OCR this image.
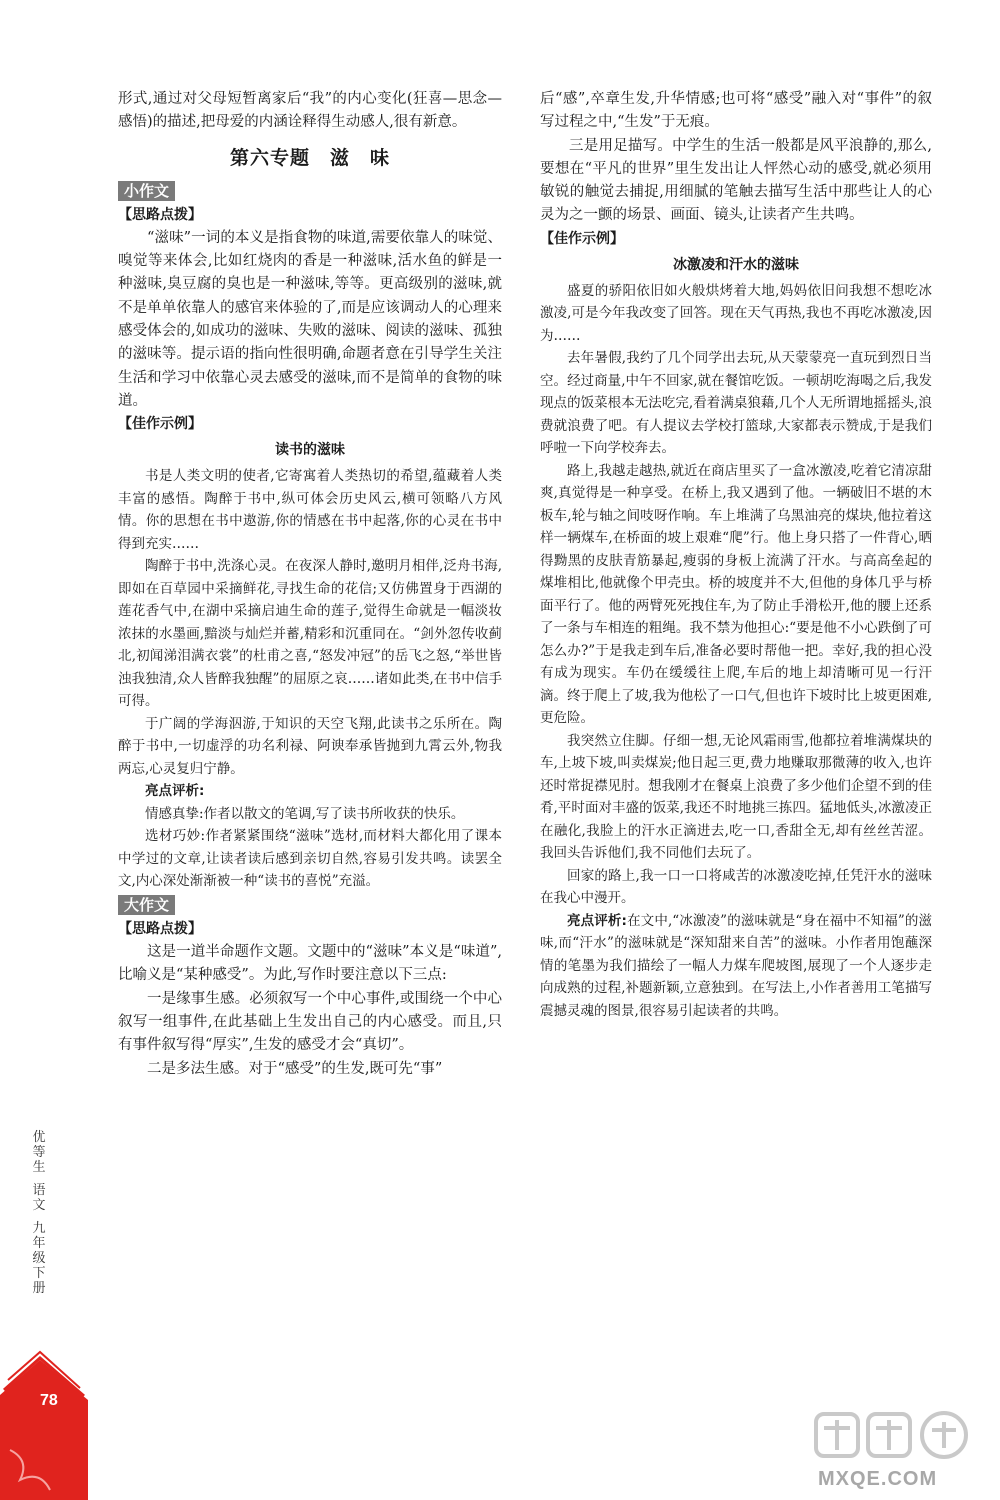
形式,通过对父母短暂离家后“我”的内心变化(狂喜—思念—感悟)的描述,把母爱的内涵诠释得生动感人,很有新意。

第六专题　滋　味
小作文
【思路点拨】

“滋味”一词的本义是指食物的味道,需要依靠人的味觉、嗅觉等来体会,比如红烧肉的香是一种滋味,活水鱼的鲜是一种滋味,臭豆腐的臭也是一种滋味,等等。更高级别的滋味,就不是单单依靠人的感官来体验的了,而是应该调动人的心理来感受体会的,如成功的滋味、失败的滋味、阅读的滋味、孤独的滋味等。提示语的指向性很明确,命题者意在引导学生关注生活和学习中依靠心灵去感受的滋味,而不是简单的食物的味道。

【佳作示例】
读书的滋味

书是人类文明的使者,它寄寓着人类热切的希望,蕴藏着人类丰富的感悟。陶醉于书中,纵可体会历史风云,横可领略八方风情。你的思想在书中遨游,你的情感在书中起落,你的心灵在书中得到充实……

陶醉于书中,洗涤心灵。在夜深人静时,邀明月相伴,泛舟书海,即如在百草园中采摘鲜花,寻找生命的花信;又仿佛置身于西湖的莲花香气中,在湖中采摘启迪生命的莲子,觉得生命就是一幅淡妆浓抹的水墨画,黯淡与灿烂并蓄,精彩和沉重同在。“剑外忽传收蓟北,初闻涕泪满衣裳”的杜甫之喜,“怒发冲冠”的岳飞之怒,“举世皆浊我独清,众人皆醉我独醒”的屈原之哀……诸如此类,在书中信手可得。

于广阔的学海泅游,于知识的天空飞翔,此读书之乐所在。陶醉于书中,一切虚浮的功名利禄、阿谀奉承皆抛到九霄云外,物我两忘,心灵复归宁静。

亮点评析:

情感真挚:作者以散文的笔调,写了读书所收获的快乐。

选材巧妙:作者紧紧围绕“滋味”选材,而材料大都化用了课本中学过的文章,让读者读后感到亲切自然,容易引发共鸣。读罢全文,内心深处渐渐被一种“读书的喜悦”充溢。

大作文
【思路点拨】

这是一道半命题作文题。文题中的“滋味”本义是“味道”,比喻义是“某种感受”。为此,写作时要注意以下三点:

一是缘事生感。必须叙写一个中心事件,或围绕一个中心叙写一组事件,在此基础上生发出自己的内心感受。而且,只有事件叙写得“厚实”,生发的感受才会“真切”。

二是多法生感。对于“感受”的生发,既可先“事”

后“感”,卒章生发,升华情感;也可将“感受”融入对“事件”的叙写过程之中,“生发”于无痕。

三是用足描写。中学生的生活一般都是风平浪静的,那么,要想在“平凡的世界”里生发出让人怦然心动的感受,就必须用敏锐的触觉去捕捉,用细腻的笔触去描写生活中那些让人的心灵为之一颤的场景、画面、镜头,让读者产生共鸣。

【佳作示例】
冰激凌和汗水的滋味

盛夏的骄阳依旧如火般烘烤着大地,妈妈依旧问我想不想吃冰激凌,可是今年我改变了回答。现在天气再热,我也不再吃冰激凌,因为……

去年暑假,我约了几个同学出去玩,从天蒙蒙亮一直玩到烈日当空。经过商量,中午不回家,就在餐馆吃饭。一顿胡吃海喝之后,我发现点的饭菜根本无法吃完,看着满桌狼藉,几个人无所谓地摇摇头,浪费就浪费了吧。有人提议去学校打篮球,大家都表示赞成,于是我们呼啦一下向学校奔去。

路上,我越走越热,就近在商店里买了一盒冰激凌,吃着它清凉甜爽,真觉得是一种享受。在桥上,我又遇到了他。一辆破旧不堪的木板车,轮与轴之间吱呀作响。车上堆满了乌黑油亮的煤块,他拉着这样一辆煤车,在桥面的坡上艰难“爬”行。他上身只搭了一件背心,晒得黝黑的皮肤青筋暴起,瘦弱的身板上流满了汗水。与高高垒起的煤堆相比,他就像个甲壳虫。桥的坡度并不大,但他的身体几乎与桥面平行了。他的两臂死死拽住车,为了防止手滑松开,他的腰上还系了一条与车相连的粗绳。我不禁为他担心:“要是他不小心跌倒了可怎么办?”于是我走到车后,准备必要时帮他一把。幸好,我的担心没有成为现实。车仍在缓缓往上爬,车后的地上却清晰可见一行汗滴。终于爬上了坡,我为他松了一口气,但也许下坡时比上坡更困难,更危险。

我突然立住脚。仔细一想,无论风霜雨雪,他都拉着堆满煤块的车,上坡下坡,叫卖煤炭;他日起三更,费力地赚取那微薄的收入,也许还时常捉襟见肘。想我刚才在餐桌上浪费了多少他们企望不到的佳肴,平时面对丰盛的饭菜,我还不时地挑三拣四。猛地低头,冰激凌正在融化,我脸上的汗水正滴进去,吃一口,香甜全无,却有丝丝苦涩。我回头告诉他们,我不同他们去玩了。

回家的路上,我一口一口将咸苦的冰激凌吃掉,任凭汗水的滋味在我心中漫开。

亮点评析:在文中,“冰激凌”的滋味就是“身在福中不知福”的滋味,而“汗水”的滋味就是“深知甜来自苦”的滋味。小作者用饱蘸深情的笔墨为我们描绘了一幅人力煤车爬坡图,展现了一个人逐步走向成熟的过程,补题新颖,立意独到。在写法上,小作者善用工笔描写震撼灵魂的图景,很容易引起读者的共鸣。

优
等
生
语
文
九
年
级
下
册
78
MXQE.COM
